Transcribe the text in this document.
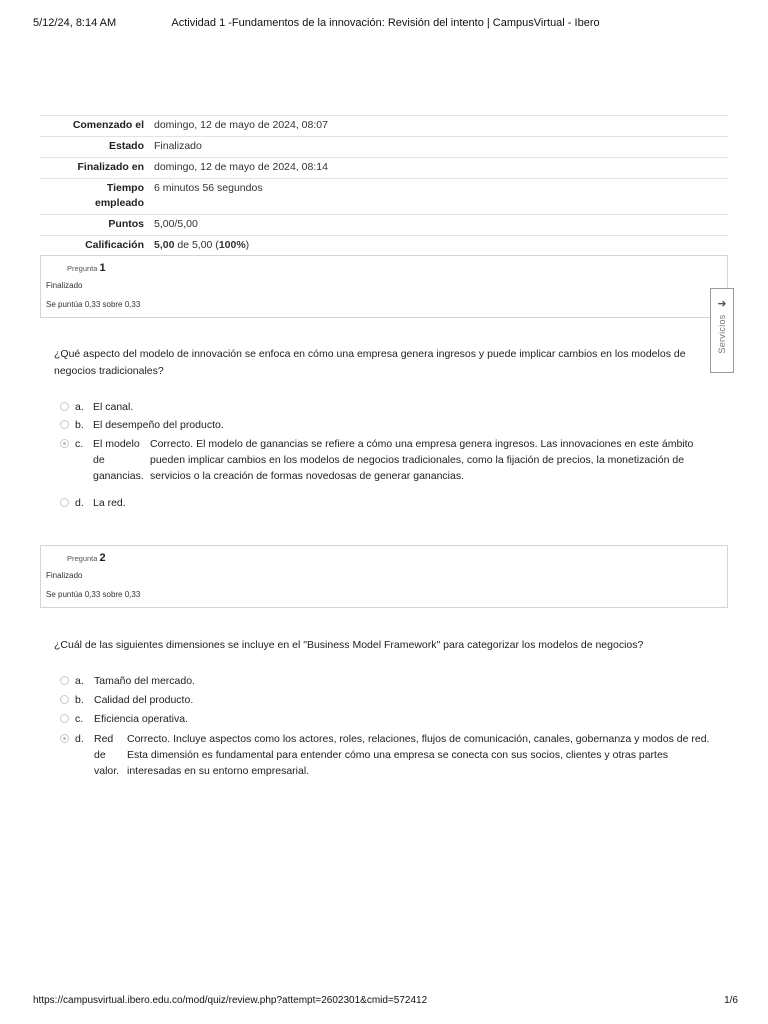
5/12/24, 8:14 AM	Actividad 1 -Fundamentos de la innovación: Revisión del intento | CampusVirtual - Ibero
Comenzado el	domingo, 12 de mayo de 2024, 08:07
Estado	Finalizado
Finalizado en	domingo, 12 de mayo de 2024, 08:14
Tiempo
empleado	6 minutos 56 segundos
Puntos	5,00/5,00
Calificación	5,00 de 5,00 (100%)
Pregunta 1
Finalizado
Se puntúa 0,33 sobre 0,33	➜
Servicios
¿Qué aspecto del modelo de innovación se enfoca en cómo una empresa genera ingresos y puede implicar cambios en los modelos de
negocios tradicionales?
a. El canal.
b. El desempeño del producto.
c. El modelo
de
ganancias.
Correcto. El modelo de ganancias se refiere a cómo una empresa genera ingresos. Las innovaciones en este ámbito
pueden implicar cambios en los modelos de negocios tradicionales, como la fijación de precios, la monetización de
servicios o la creación de formas novedosas de generar ganancias.
d. La red.
Pregunta 2
Finalizado
Se puntúa 0,33 sobre 0,33
¿Cuál de las siguientes dimensiones se incluye en el "Business Model Framework" para categorizar los modelos de negocios?
a. Tamaño del mercado.
b. Calidad del producto.
c. Eficiencia operativa.
d. Red
de
valor.
Correcto. Incluye aspectos como los actores, roles, relaciones, flujos de comunicación, canales, gobernanza y modos de red.
Esta dimensión es fundamental para entender cómo una empresa se conecta con sus socios, clientes y otras partes
interesadas en su entorno empresarial.
https://campusvirtual.ibero.edu.co/mod/quiz/review.php?attempt=2602301&cmid=572412	1/6
